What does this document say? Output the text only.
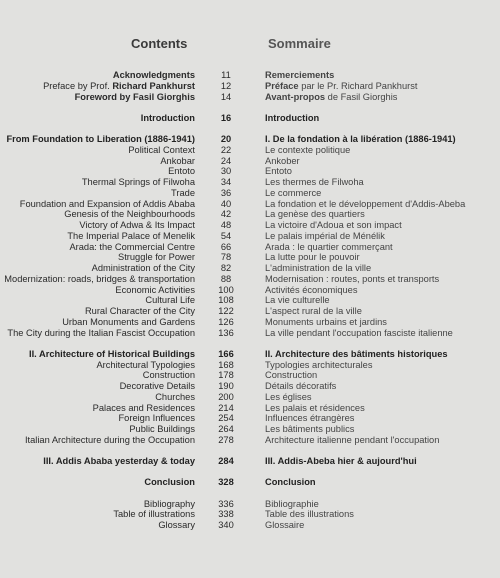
Contents	Sommaire
Acknowledgments	11	Remerciements
Preface by Prof. Richard Pankhurst	12	Préface par le Pr. Richard Pankhurst
Foreword by Fasil Giorghis	14	Avant-propos de Fasil Giorghis
Introduction	16	Introduction
From Foundation to Liberation (1886-1941)	20	I. De la fondation à la libération (1886-1941)
Political Context	22	Le contexte politique
Ankobar	24	Ankober
Entoto	30	Entoto
Thermal Springs of Filwoha	34	Les thermes de Filwoha
Trade	36	Le commerce
Foundation and Expansion of Addis Ababa	40	La fondation et le développement d'Addis-Abeba
Genesis of the Neighbourhoods	42	La genèse des quartiers
Victory of Adwa & Its Impact	48	La victoire d'Adoua et son impact
The Imperial Palace of Menelik	54	Le palais impérial de Ménélik
Arada: the Commercial Centre	66	Arada : le quartier commerçant
Struggle for Power	78	La lutte pour le pouvoir
Administration of the City	82	L'administration de la ville
Modernization: roads, bridges & transportation	88	Modernisation : routes, ponts et transports
Economic Activities	100	Activités économiques
Cultural Life	108	La vie culturelle
Rural Character of the City	122	L'aspect rural de la ville
Urban Monuments and Gardens	126	Monuments urbains et jardins
The City during the Italian Fascist Occupation	136	La ville pendant l'occupation fasciste italienne
II. Architecture of Historical Buildings	166	II. Architecture des bâtiments historiques
Architectural Typologies	168	Typologies architecturales
Construction	178	Construction
Decorative Details	190	Détails décoratifs
Churches	200	Les églises
Palaces and Residences	214	Les palais et résidences
Foreign Influences	254	Influences étrangères
Public Buildings	264	Les bâtiments publics
Italian Architecture during the Occupation	278	Architecture italienne pendant l'occupation
III. Addis Ababa yesterday & today	284	III. Addis-Abeba hier & aujourd'hui
Conclusion	328	Conclusion
Bibliography	336	Bibliographie
Table of illustrations	338	Table des illustrations
Glossary	340	Glossaire
